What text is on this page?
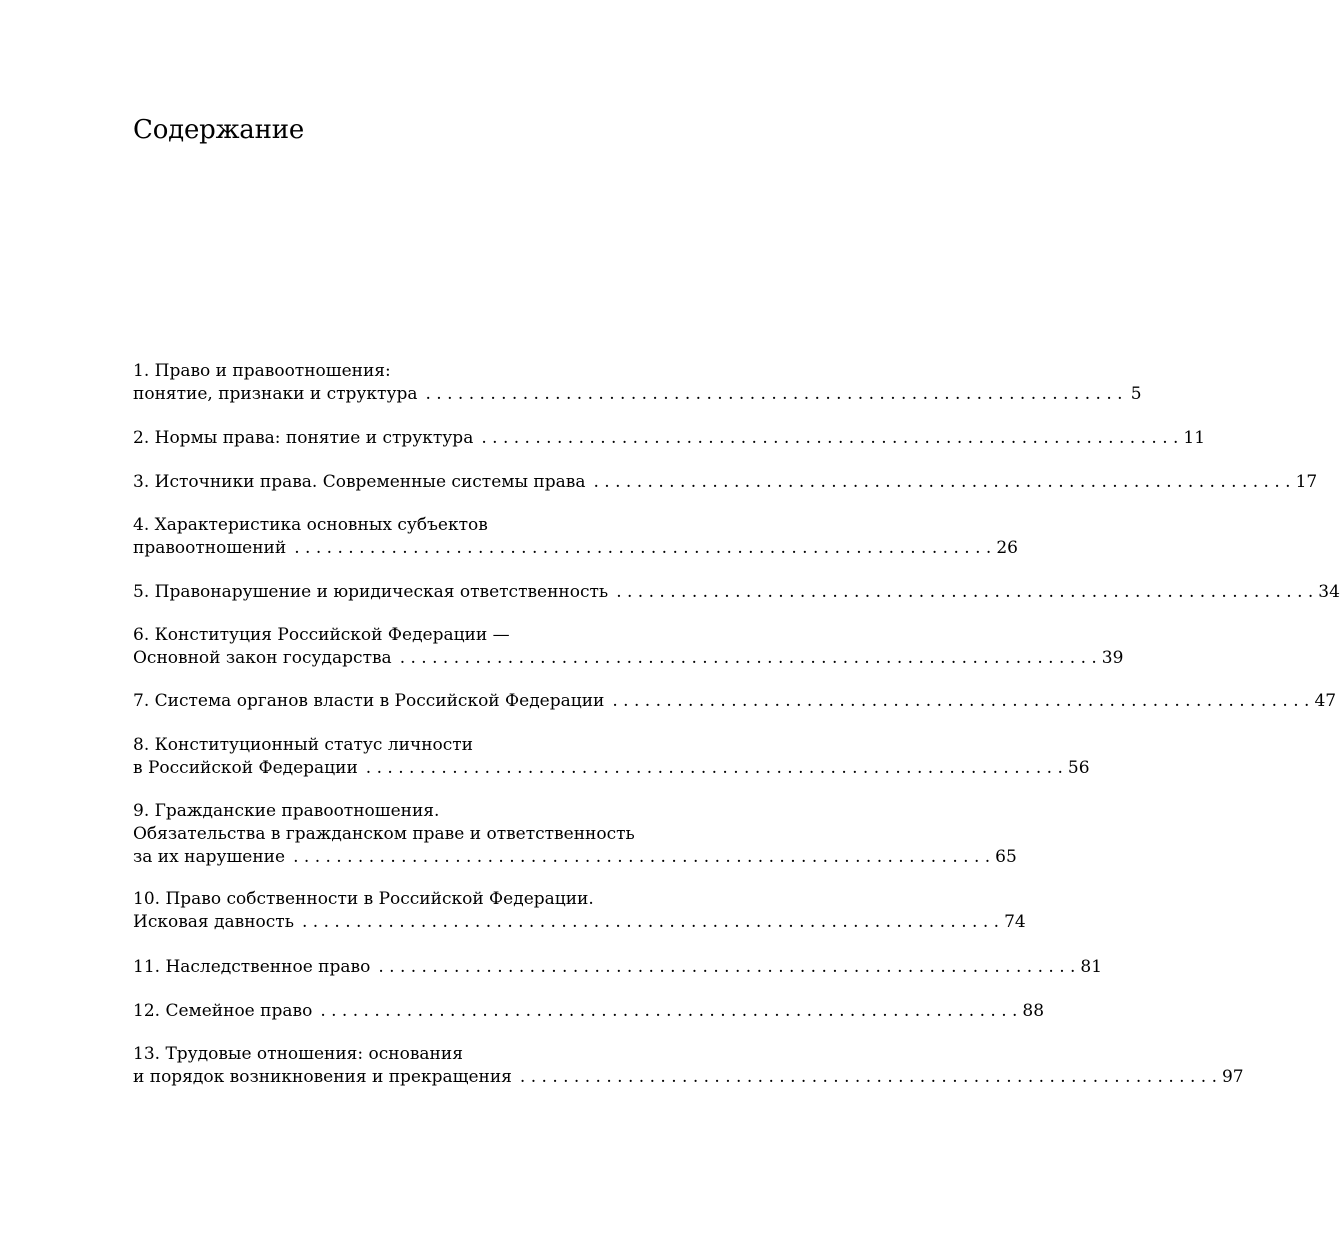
Содержание
1. Право и правоотношения:
понятие, признаки и структура . . . . . . . . . . . . . . . . . . . . . . . . . . . . . . . . . . . . . . . . . . . . . . . . . . . . . . . . . . . . . . . . . 5
2. Нормы права: понятие и структура . . . . . . . . . . . . . . . . . . . . . . . . . . . . . . . . . . . . . . . . . . . . . . . . . . . . . . . . . . . . . . . . . 11
3. Источники права. Современные системы права . . . . . . . . . . . . . . . . . . . . . . . . . . . . . . . . . . . . . . . . . . . . . . . . . . . . . . . . . . . . . . . . . 17
4. Характеристика основных субъектов
правоотношений . . . . . . . . . . . . . . . . . . . . . . . . . . . . . . . . . . . . . . . . . . . . . . . . . . . . . . . . . . . . . . . . . 26
5. Правонарушение и юридическая ответственность . . . . . . . . . . . . . . . . . . . . . . . . . . . . . . . . . . . . . . . . . . . . . . . . . . . . . . . . . . . . . . . . . 34
6. Конституция Российской Федерации —
Основной закон государства . . . . . . . . . . . . . . . . . . . . . . . . . . . . . . . . . . . . . . . . . . . . . . . . . . . . . . . . . . . . . . . . . 39
7. Система органов власти в Российской Федерации . . . . . . . . . . . . . . . . . . . . . . . . . . . . . . . . . . . . . . . . . . . . . . . . . . . . . . . . . . . . . . . . . 47
8. Конституционный статус личности
в Российской Федерации . . . . . . . . . . . . . . . . . . . . . . . . . . . . . . . . . . . . . . . . . . . . . . . . . . . . . . . . . . . . . . . . . 56
9. Гражданские правоотношения.
Обязательства в гражданском праве и ответственность
за их нарушение . . . . . . . . . . . . . . . . . . . . . . . . . . . . . . . . . . . . . . . . . . . . . . . . . . . . . . . . . . . . . . . . . 65
10. Право собственности в Российской Федерации.
Исковая давность . . . . . . . . . . . . . . . . . . . . . . . . . . . . . . . . . . . . . . . . . . . . . . . . . . . . . . . . . . . . . . . . . 74
11. Наследственное право . . . . . . . . . . . . . . . . . . . . . . . . . . . . . . . . . . . . . . . . . . . . . . . . . . . . . . . . . . . . . . . . . 81
12. Семейное право . . . . . . . . . . . . . . . . . . . . . . . . . . . . . . . . . . . . . . . . . . . . . . . . . . . . . . . . . . . . . . . . . 88
13. Трудовые отношения: основания
и порядок возникновения и прекращения . . . . . . . . . . . . . . . . . . . . . . . . . . . . . . . . . . . . . . . . . . . . . . . . . . . . . . . . . . . . . . . . . 97
